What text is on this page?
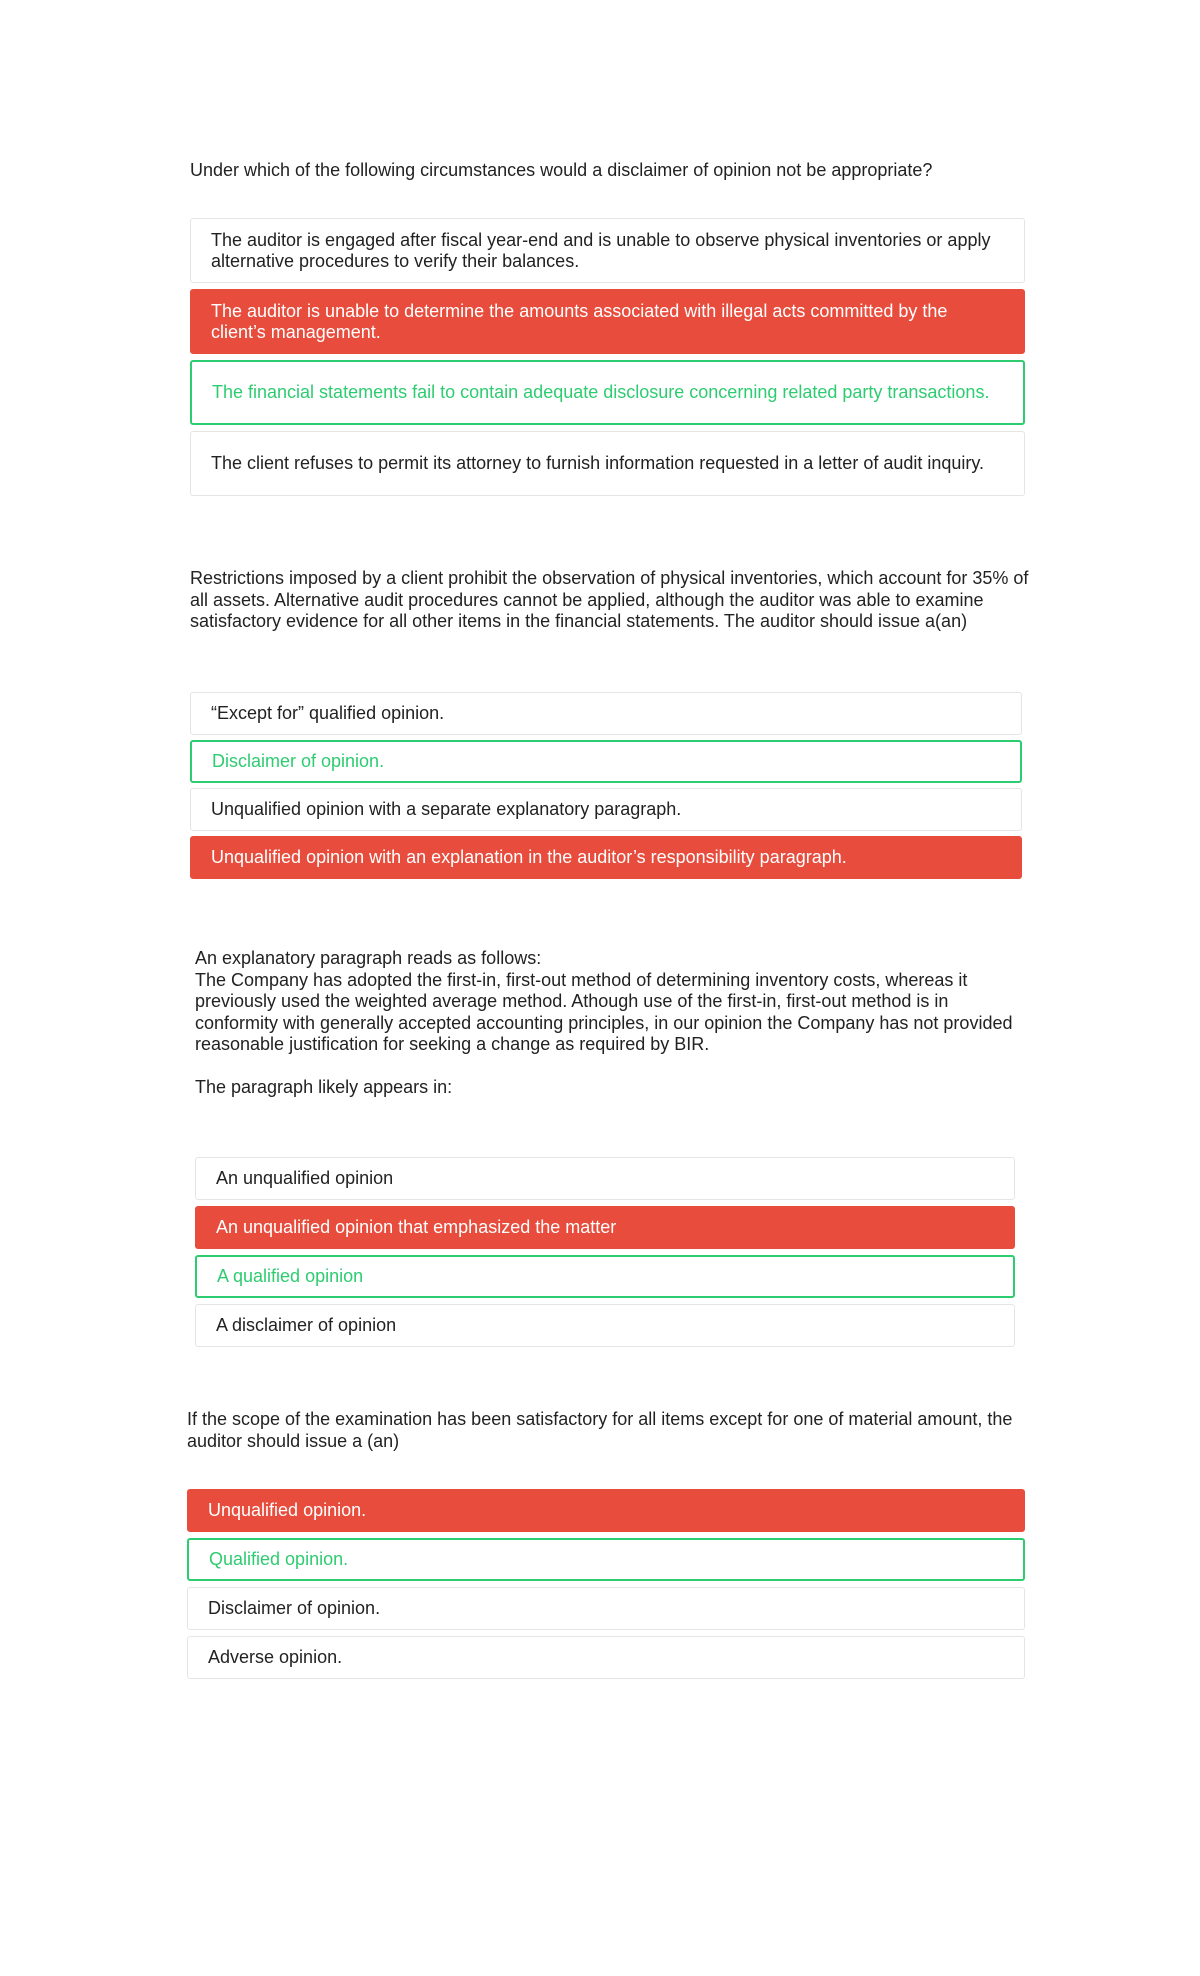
Under which of the following circumstances would a disclaimer of opinion not be appropriate?
The auditor is engaged after fiscal year-end and is unable to observe physical inventories or apply alternative procedures to verify their balances.
The auditor is unable to determine the amounts associated with illegal acts committed by the client’s management.
The financial statements fail to contain adequate disclosure concerning related party transactions.
The client refuses to permit its attorney to furnish information requested in a letter of audit inquiry.
Restrictions imposed by a client prohibit the observation of physical inventories, which account for 35% of all assets. Alternative audit procedures cannot be applied, although the auditor was able to examine satisfactory evidence for all other items in the financial statements. The auditor should issue a(an)
“Except for” qualified opinion.
Disclaimer of opinion.
Unqualified opinion with a separate explanatory paragraph.
Unqualified opinion with an explanation in the auditor’s responsibility paragraph.
An explanatory paragraph reads as follows:
The Company has adopted the first-in, first-out method of determining inventory costs, whereas it previously used the weighted average method. Athough use of the first-in, first-out method is in conformity with generally accepted accounting principles, in our opinion the Company has not provided reasonable justification for seeking a change as required by BIR.

The paragraph likely appears in:
An unqualified opinion
An unqualified opinion that emphasized the matter
A qualified opinion
A disclaimer of opinion
If the scope of the examination has been satisfactory for all items except for one of material amount, the auditor should issue a (an)
Unqualified opinion.
Qualified opinion.
Disclaimer of opinion.
Adverse opinion.
